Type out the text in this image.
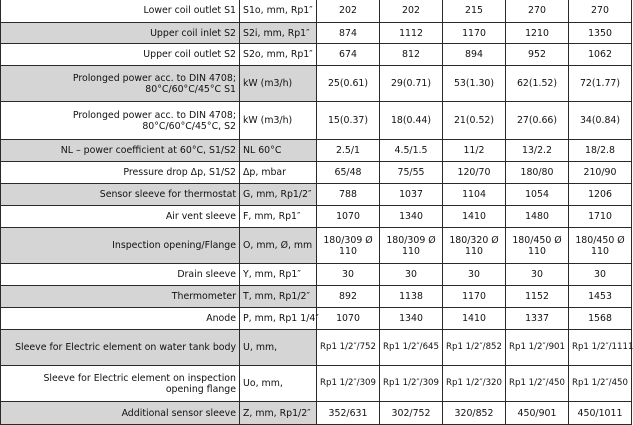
Lower coil outlet S1	S1o, mm, Rp1″	202	202	215	270	270
Upper coil inlet S2	S2i, mm, Rp1″	874	1112	1170	1210	1350
Upper coil outlet S2	S2o, mm, Rp1″	674	812	894	952	1062
Prolonged power acc. to DIN 4708; 80°C/60°C/45°C S1	kW (m3/h)	25(0.61)	29(0.71)	53(1.30)	62(1.52)	72(1.77)
Prolonged power acc. to DIN 4708; 80°C/60°C/45°C, S2	kW (m3/h)	15(0.37)	18(0.44)	21(0.52)	27(0.66)	34(0.84)
NL – power coefficient at 60°C, S1/S2	NL 60°C	2.5/1	4.5/1.5	11/2	13/2.2	18/2.8
Pressure drop Δp, S1/S2	Δp, mbar	65/48	75/55	120/70	180/80	210/90
Sensor sleeve for thermostat	G, mm, Rp1/2″	788	1037	1104	1054	1206
Air vent sleeve	F, mm, Rp1″	1070	1340	1410	1480	1710
Inspection opening/Flange	O, mm, Ø, mm	180/309 Ø 110	180/309 Ø 110	180/320 Ø 110	180/450 Ø 110	180/450 Ø 110
Drain sleeve	Y, mm, Rp1″	30	30	30	30	30
Thermometer	T, mm, Rp1/2″	892	1138	1170	1152	1453
Anode	P, mm, Rp1 1/4″	1070	1340	1410	1337	1568
Sleeve for Electric element on water tank body	U, mm,	Rp1 1/2″/752	Rp1 1/2″/645	Rp1 1/2″/852	Rp1 1/2″/901	Rp1 1/2″/1111
Sleeve for Electric element on inspection opening flange	Uo, mm,	Rp1 1/2″/309	Rp1 1/2″/309	Rp1 1/2″/320	Rp1 1/2″/450	Rp1 1/2″/450
Additional sensor sleeve	Z, mm, Rp1/2″	352/631	302/752	320/852	450/901	450/1011
